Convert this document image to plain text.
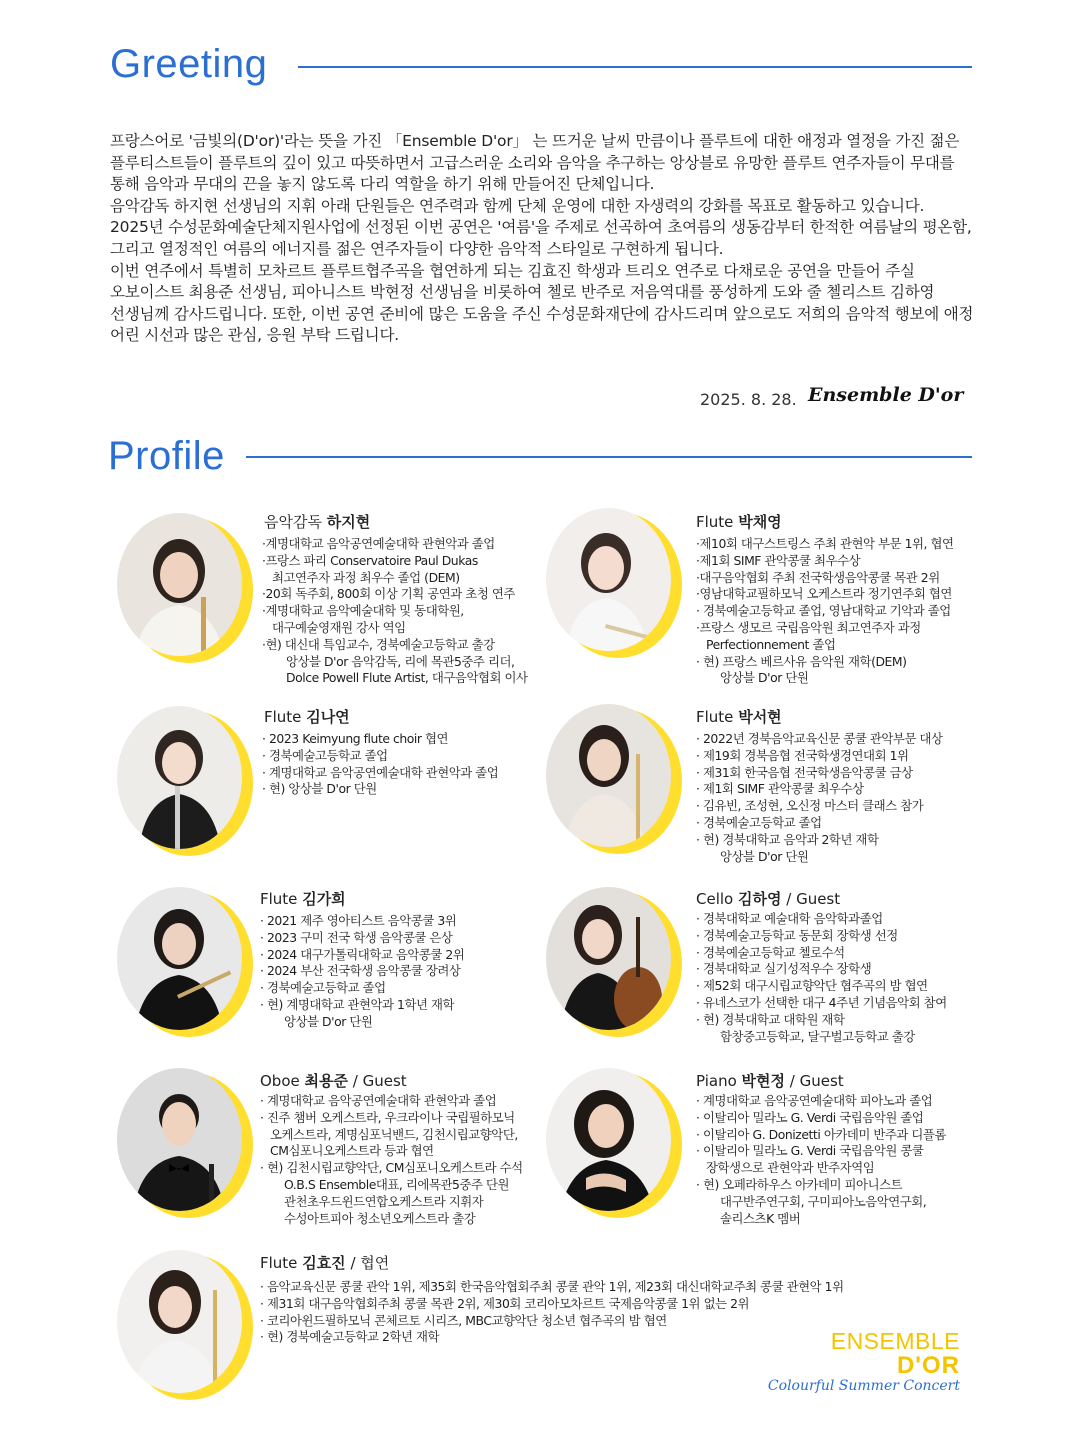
Greeting

프랑스어로 '금빛의(D'or)'라는 뜻을 가진 「Ensemble D'or」 는 뜨거운 날씨 만큼이나 플루트에 대한 애정과 열정을 가진 젊은 플루티스트들이 플루트의 깊이 있고 따뜻하면서 고급스러운 소리와 음악을 추구하는 앙상블로 유망한 플루트 연주자들이 무대를 통해 음악과 무대의 끈을 놓지 않도록 다리 역할을 하기 위해 만들어진 단체입니다.

음악감독 하지현 선생님의 지휘 아래 단원들은 연주력과 함께 단체 운영에 대한 자생력의 강화를 목표로 활동하고 있습니다.

2025년 수성문화예술단체지원사업에 선정된 이번 공연은 '여름'을 주제로 선곡하여 초여름의 생동감부터 한적한 여름날의 평온함, 그리고 열정적인 여름의 에너지를 젊은 연주자들이 다양한 음악적 스타일로 구현하게 됩니다.

이번 연주에서 특별히 모차르트 플루트협주곡을 협연하게 되는 김효진 학생과 트리오 연주로 다채로운 공연을 만들어 주실 오보이스트 최용준 선생님, 피아니스트 박현정 선생님을 비롯하여 첼로 반주로 저음역대를 풍성하게 도와 줄 첼리스트 김하영 선생님께 감사드립니다. 또한, 이번 공연 준비에 많은 도움을 주신 수성문화재단에 감사드리며 앞으로도 저희의 음악적 행보에 애정 어린 시선과 많은 관심, 응원 부탁 드립니다.

2025. 8. 28. Ensemble D'or
Profile
음악감독 하지현
·계명대학교 음악공연예술대학 관현악과 졸업
·프랑스 파리 Conservatoire Paul Dukas
최고연주자 과정 최우수 졸업 (DEM)
·20회 독주회, 800회 이상 기획 공연과 초청 연주
·계명대학교 음악예술대학 및 동대학원,
대구예술영재원 강사 역임
·현) 대신대 특임교수, 경북예술고등학교 출강
앙상블 D'or 음악감독, 리에 목관5중주 리더,
Dolce Powell Flute Artist, 대구음악협회 이사
Flute 박채영
·제10회 대구스트링스 주최 관현악 부문 1위, 협연
·제1회 SIMF 관악콩쿨 최우수상
·대구음악협회 주최 전국학생음악콩쿨 목관 2위
·영남대학교필하모닉 오케스트라 정기연주회 협연
· 경북예술고등학교 졸업, 영남대학교 기악과 졸업
·프랑스 생모르 국립음악원 최고연주자 과정
Perfectionnement 졸업
· 현) 프랑스 베르사유 음악원 재학(DEM)
앙상블 D'or 단원
Flute 김나연
· 2023 Keimyung flute choir 협연
· 경북예술고등학교 졸업
· 계명대학교 음악공연예술대학 관현악과 졸업
· 현) 앙상블 D'or 단원
Flute 박서현
· 2022년 경북음악교육신문 콩쿨 관악부문 대상
· 제19회 경북음협 전국학생경연대회 1위
· 제31회 한국음협 전국학생음악콩쿨 금상
· 제1회 SIMF 관악콩쿨 최우수상
· 김유빈, 조성현, 오신정 마스터 클래스 참가
· 경북예술고등학교 졸업
· 현) 경북대학교 음악과 2학년 재학
앙상블 D'or 단원
Flute 김가희
· 2021 제주 영아티스트 음악콩쿨 3위
· 2023 구미 전국 학생 음악콩쿨 은상
· 2024 대구가톨릭대학교 음악콩쿨 2위
· 2024 부산 전국학생 음악콩쿨 장려상
· 경북예술고등학교 졸업
· 현) 계명대학교 관현악과 1학년 재학
앙상블 D'or 단원
Cello 김하영 / Guest
· 경북대학교 예술대학 음악학과졸업
· 경북예술고등학교 동문회 장학생 선정
· 경북예술고등학교 첼로수석
· 경북대학교 실기성적우수 장학생
· 제52회 대구시립교향악단 협주곡의 밤 협연
· 유네스코가 선택한 대구 4주년 기념음악회 참여
· 현) 경북대학교 대학원 재학
함창중고등학교, 달구벌고등학교 출강
Oboe 최용준 / Guest
· 계명대학교 음악공연예술대학 관현악과 졸업
· 진주 챔버 오케스트라, 우크라이나 국립필하모닉
오케스트라, 계명심포닉밴드, 김천시립교향악단,
CM심포니오케스트라 등과 협연
· 현) 김천시립교향악단, CM심포니오케스트라 수석
O.B.S Ensemble대표, 리에목관5중주 단원
관천초우드윈드연합오케스트라 지휘자
수성아트피아 청소년오케스트라 출강
Piano 박현정 / Guest
· 계명대학교 음악공연예술대학 피아노과 졸업
· 이탈리아 밀라노 G. Verdi 국립음악원 졸업
· 이탈리아 G. Donizetti 아카데미 반주과 디플롬
· 이탈리아 밀라노 G. Verdi 국립음악원 콩쿨
장학생으로 관현악과 반주자역임
· 현) 오페라하우스 아카데미 피아니스트
대구반주연구회, 구미피아노음악연구회,
솔리스츠K 멤버
Flute 김효진 / 협연
· 음악교육신문 콩쿨 관악 1위, 제35회 한국음악협회주최 콩쿨 관악 1위, 제23회 대신대학교주최 콩쿨 관현악 1위
· 제31회 대구음악협회주최 콩쿨 목관 2위, 제30회 코리아모차르트 국제음악콩쿨 1위 없는 2위
· 코리아윈드필하모닉 콘체르토 시리즈, MBC교향악단 청소년 협주곡의 밤 협연
· 현) 경북예술고등학교 2학년 재학	ENSEMBLE
D'OR
Colourful Summer Concert
